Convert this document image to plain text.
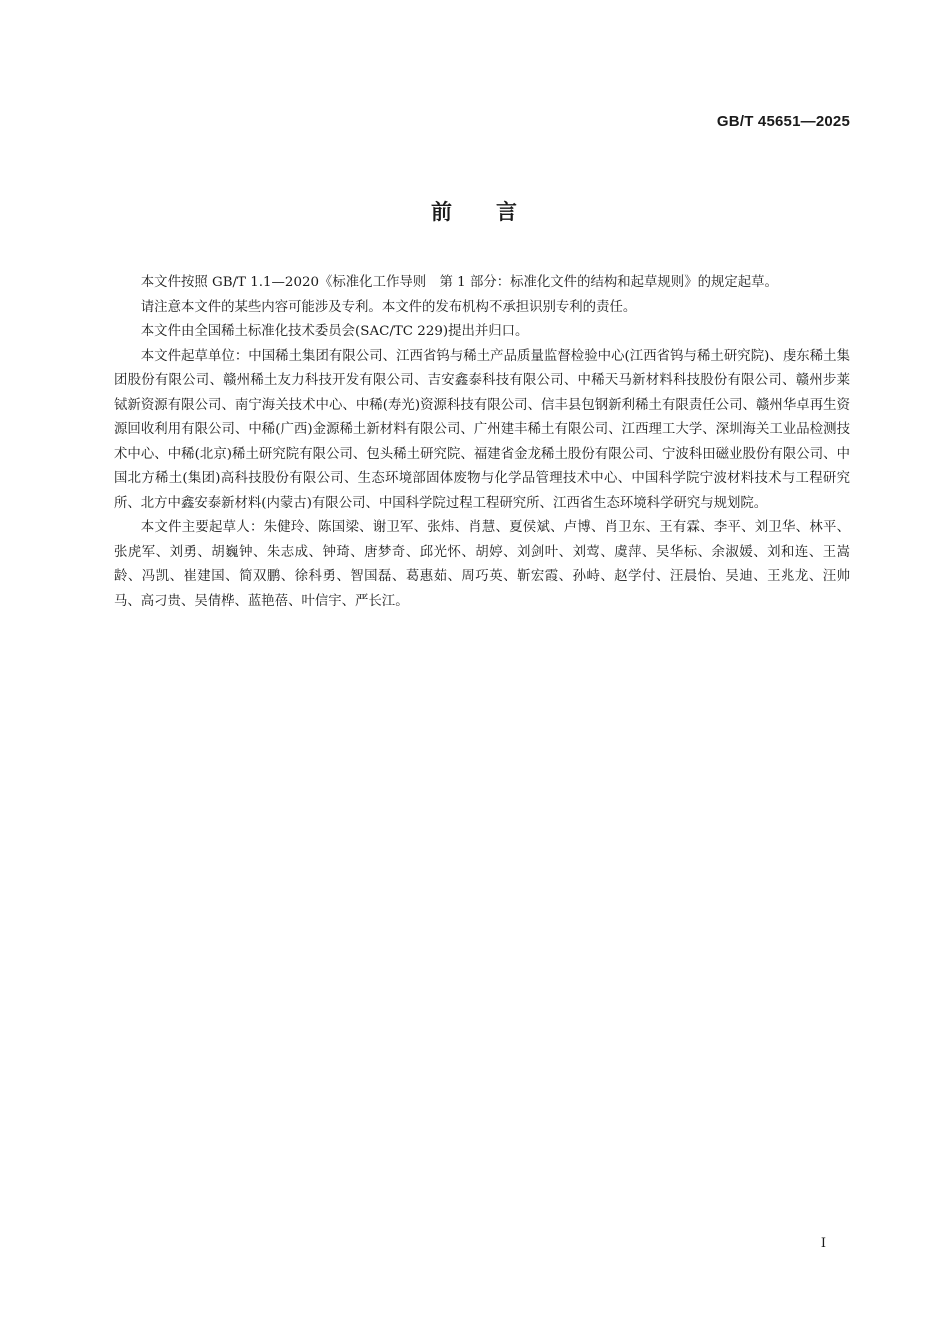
GB/T 45651—2025
前 言

本文件按照 GB/T 1.1—2020《标准化工作导则　第 1 部分：标准化文件的结构和起草规则》的规定起草。

请注意本文件的某些内容可能涉及专利。本文件的发布机构不承担识别专利的责任。

本文件由全国稀土标准化技术委员会(SAC/TC 229)提出并归口。

本文件起草单位：中国稀土集团有限公司、江西省钨与稀土产品质量监督检验中心(江西省钨与稀土研究院)、虔东稀土集团股份有限公司、赣州稀土友力科技开发有限公司、吉安鑫泰科技有限公司、中稀天马新材料科技股份有限公司、赣州步莱铽新资源有限公司、南宁海关技术中心、中稀(寿光)资源科技有限公司、信丰县包钢新利稀土有限责任公司、赣州华卓再生资源回收利用有限公司、中稀(广西)金源稀土新材料有限公司、广州建丰稀土有限公司、江西理工大学、深圳海关工业品检测技术中心、中稀(北京)稀土研究院有限公司、包头稀土研究院、福建省金龙稀土股份有限公司、宁波科田磁业股份有限公司、中国北方稀土(集团)高科技股份有限公司、生态环境部固体废物与化学品管理技术中心、中国科学院宁波材料技术与工程研究所、北方中鑫安泰新材料(内蒙古)有限公司、中国科学院过程工程研究所、江西省生态环境科学研究与规划院。

本文件主要起草人：朱健玲、陈国梁、谢卫军、张炜、肖慧、夏侯斌、卢博、肖卫东、王有霖、李平、刘卫华、林平、张虎军、刘勇、胡巍钟、朱志成、钟琦、唐梦奇、邱光怀、胡婷、刘剑叶、刘莺、虞萍、吴华标、余淑媛、刘和连、王嵩龄、冯凯、崔建国、简双鹏、徐科勇、智国磊、葛惠茹、周巧英、靳宏霞、孙峙、赵学付、汪晨怡、吴迪、王兆龙、汪帅马、高刁贵、吴倩桦、蓝艳蓓、叶信宇、严长江。

I
